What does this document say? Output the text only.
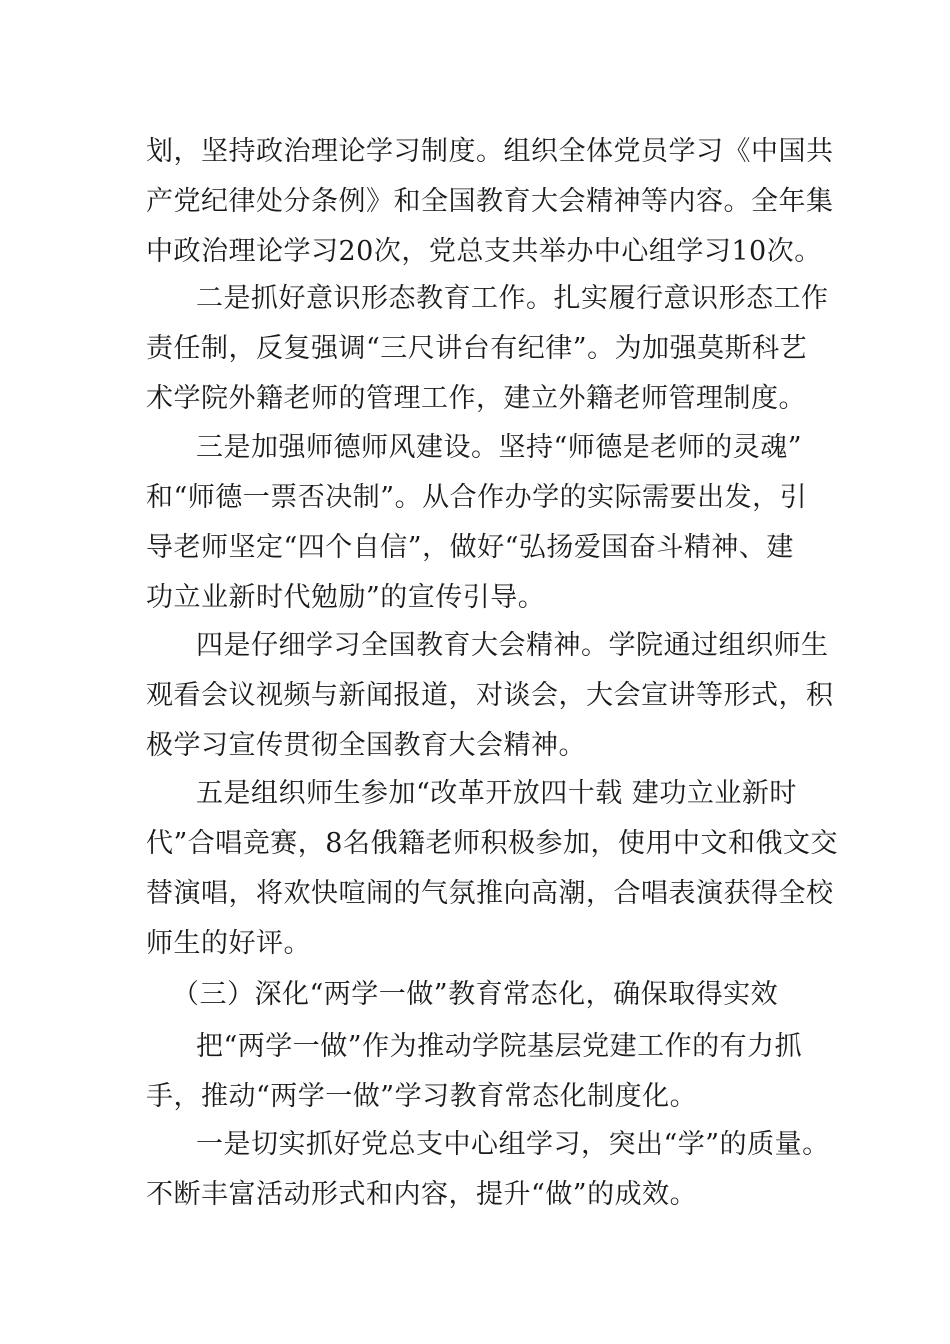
划，坚持政治理论学习制度。组织全体党员学习《中国共
产党纪律处分条例》和全国教育大会精神等内容。全年集
中政治理论学习20次，党总支共举办中心组学习10次。
二是抓好意识形态教育工作。扎实履行意识形态工作
责任制，反复强调“三尺讲台有纪律”。为加强莫斯科艺
术学院外籍老师的管理工作，建立外籍老师管理制度。
三是加强师德师风建设。坚持“师德是老师的灵魂”
和“师德一票否决制”。从合作办学的实际需要出发，引
导老师坚定“四个自信”，做好“弘扬爱国奋斗精神、建
功立业新时代勉励”的宣传引导。
四是仔细学习全国教育大会精神。学院通过组织师生
观看会议视频与新闻报道，对谈会，大会宣讲等形式，积
极学习宣传贯彻全国教育大会精神。
五是组织师生参加“改革开放四十载 建功立业新时
代”合唱竞赛，8名俄籍老师积极参加，使用中文和俄文交
替演唱，将欢快喧闹的气氛推向高潮，合唱表演获得全校
师生的好评。
（三）深化“两学一做”教育常态化，确保取得实效
把“两学一做”作为推动学院基层党建工作的有力抓
手，推动“两学一做”学习教育常态化制度化。
一是切实抓好党总支中心组学习，突出“学”的质量。
不断丰富活动形式和内容，提升“做”的成效。
